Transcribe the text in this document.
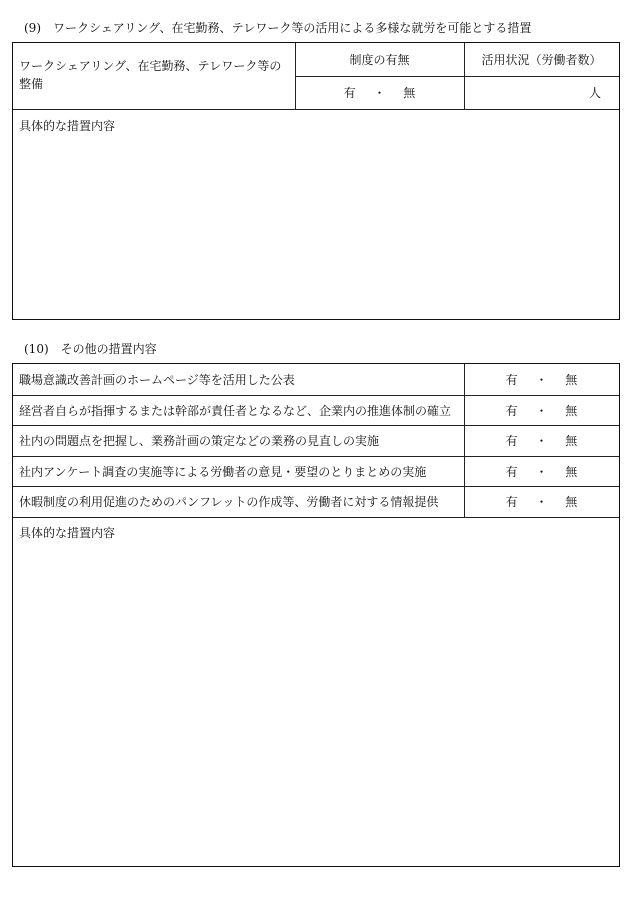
(9) ワークシェアリング、在宅勤務、テレワーク等の活用による多様な就労を可能とする措置
ワークシェアリング、在宅勤務、テレワーク等の整備
制度の有無	活用状況（労働者数）
有 ・ 無	人
具体的な措置内容
(10) その他の措置内容
職場意識改善計画のホームページ等を活用した公表	有 ・ 無
経営者自らが指揮するまたは幹部が責任者となるなど、企業内の推進体制の確立	有 ・ 無
社内の問題点を把握し、業務計画の策定などの業務の見直しの実施	有 ・ 無
社内アンケート調査の実施等による労働者の意見・要望のとりまとめの実施	有 ・ 無
休暇制度の利用促進のためのパンフレットの作成等、労働者に対する情報提供	有 ・ 無
具体的な措置内容
